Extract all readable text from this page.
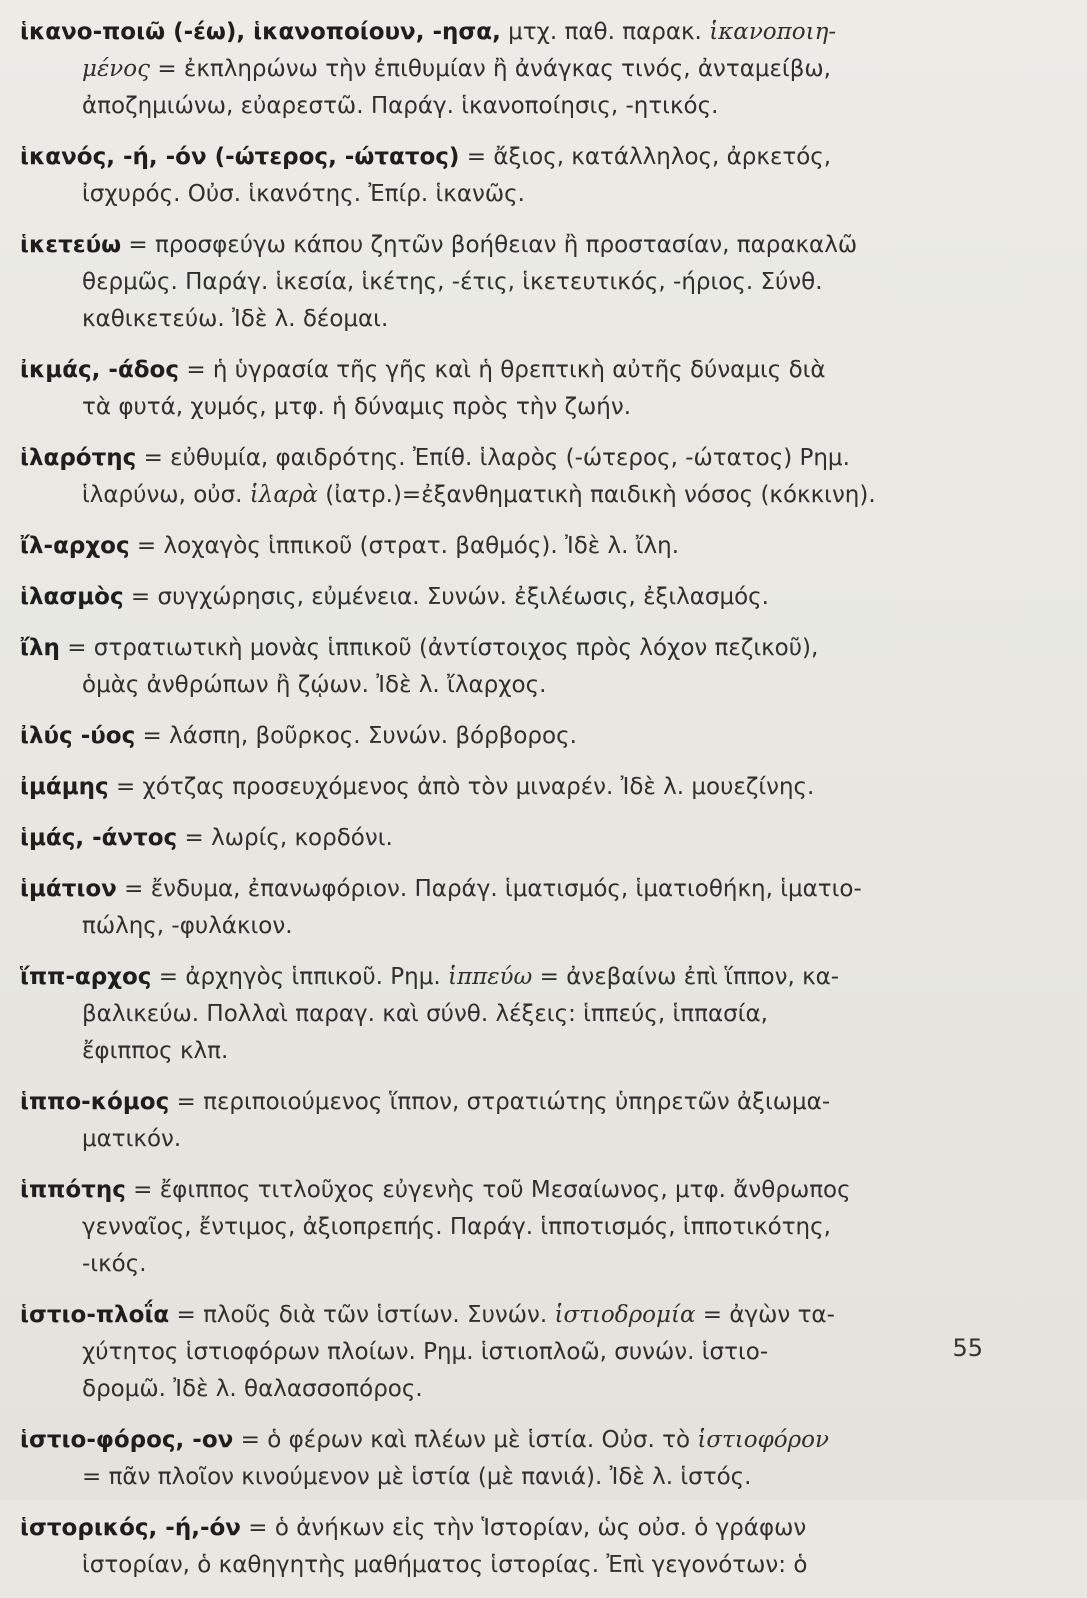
ἱκανο-ποιῶ (-έω), ἱκανοποίουν, -ησα, μτχ. παθ. παρακ. ἱκανοποιη-
μένος = ἐκπληρώνω τὴν ἐπιθυμίαν ἢ ἀνάγκας τινός, ἀνταμείβω,
ἀποζημιώνω, εὐαρεστῶ. Παράγ. ἱκανοποίησις, -ητικός.
ἱκανός, -ή, -όν (-ώτερος, -ώτατος) = ἄξιος, κατάλληλος, ἀρκετός,
ἰσχυρός. Οὐσ. ἱκανότης. Ἐπίρ. ἱκανῶς.
ἱκετεύω = προσφεύγω κάπου ζητῶν βοήθειαν ἢ προστασίαν, παρακαλῶ
θερμῶς. Παράγ. ἱκεσία, ἱκέτης, -έτις, ἱκετευτικός, -ήριος. Σύνθ.
καθικετεύω. Ἰδὲ λ. δέομαι.
ἰκμάς, -άδος = ἡ ὑγρασία τῆς γῆς καὶ ἡ θρεπτικὴ αὐτῆς δύναμις διὰ
τὰ φυτά, χυμός, μτφ. ἡ δύναμις πρὸς τὴν ζωήν.
ἱλαρότης = εὐθυμία, φαιδρότης. Ἐπίθ. ἱλαρὸς (-ώτερος, -ώτατος) Ρημ.
ἱλαρύνω, οὐσ. ἱλαρὰ (ἰατρ.)=ἐξανθηματικὴ παιδικὴ νόσος (κόκκινη).
ἴλ-αρχος = λοχαγὸς ἱππικοῦ (στρατ. βαθμός). Ἰδὲ λ. ἴλη.
ἱλασμὸς = συγχώρησις, εὐμένεια. Συνών. ἐξιλέωσις, ἐξιλασμός.
ἴλη = στρατιωτικὴ μονὰς ἱππικοῦ (ἀντίστοιχος πρὸς λόχον πεζικοῦ),
ὁμὰς ἀνθρώπων ἢ ζῴων. Ἰδὲ λ. ἴλαρχος.
ἰλύς -ύος = λάσπη, βοῦρκος. Συνών. βόρβορος.
ἰμάμης = χότζας προσευχόμενος ἀπὸ τὸν μιναρέν. Ἰδὲ λ. μουεζίνης.
ἱμάς, -άντος = λωρίς, κορδόνι.
ἱμάτιον = ἔνδυμα, ἐπανωφόριον. Παράγ. ἱματισμός, ἱματιοθήκη, ἱματιο-
πώλης, -φυλάκιον.
ἵππ-αρχος = ἀρχηγὸς ἱππικοῦ. Ρημ. ἱππεύω = ἀνεβαίνω ἐπὶ ἵππον, κα-
βαλικεύω. Πολλαὶ παραγ. καὶ σύνθ. λέξεις: ἱππεύς, ἱππασία,
ἔφιππος κλπ.
ἱππο-κόμος = περιποιούμενος ἵππον, στρατιώτης ὑπηρετῶν ἀξιωμα-
ματικόν.
ἱππότης = ἔφιππος τιτλοῦχος εὐγενὴς τοῦ Μεσαίωνος, μτφ. ἄνθρωπος
γενναῖος, ἔντιμος, ἀξιοπρεπής. Παράγ. ἱπποτισμός, ἱπποτικότης,
-ικός.
ἱστιο-πλοΐα = πλοῦς διὰ τῶν ἱστίων. Συνών. ἱστιοδρομία = ἀγὼν τα-
χύτητος ἱστιοφόρων πλοίων. Ρημ. ἱστιοπλοῶ, συνών. ἱστιο-
δρομῶ. Ἰδὲ λ. θαλασσοπόρος.
ἱστιο-φόρος, -ον = ὁ φέρων καὶ πλέων μὲ ἱστία. Οὐσ. τὸ ἱστιοφόρον
= πᾶν πλοῖον κινούμενον μὲ ἱστία (μὲ πανιά). Ἰδὲ λ. ἱστός.
ἱστορικός, -ή,-όν = ὁ ἀνήκων εἰς τὴν Ἱστορίαν, ὡς οὐσ. ὁ γράφων
ἱστορίαν, ὁ καθηγητὴς μαθήματος ἱστορίας. Ἐπὶ γεγονότων: ὁ
55
